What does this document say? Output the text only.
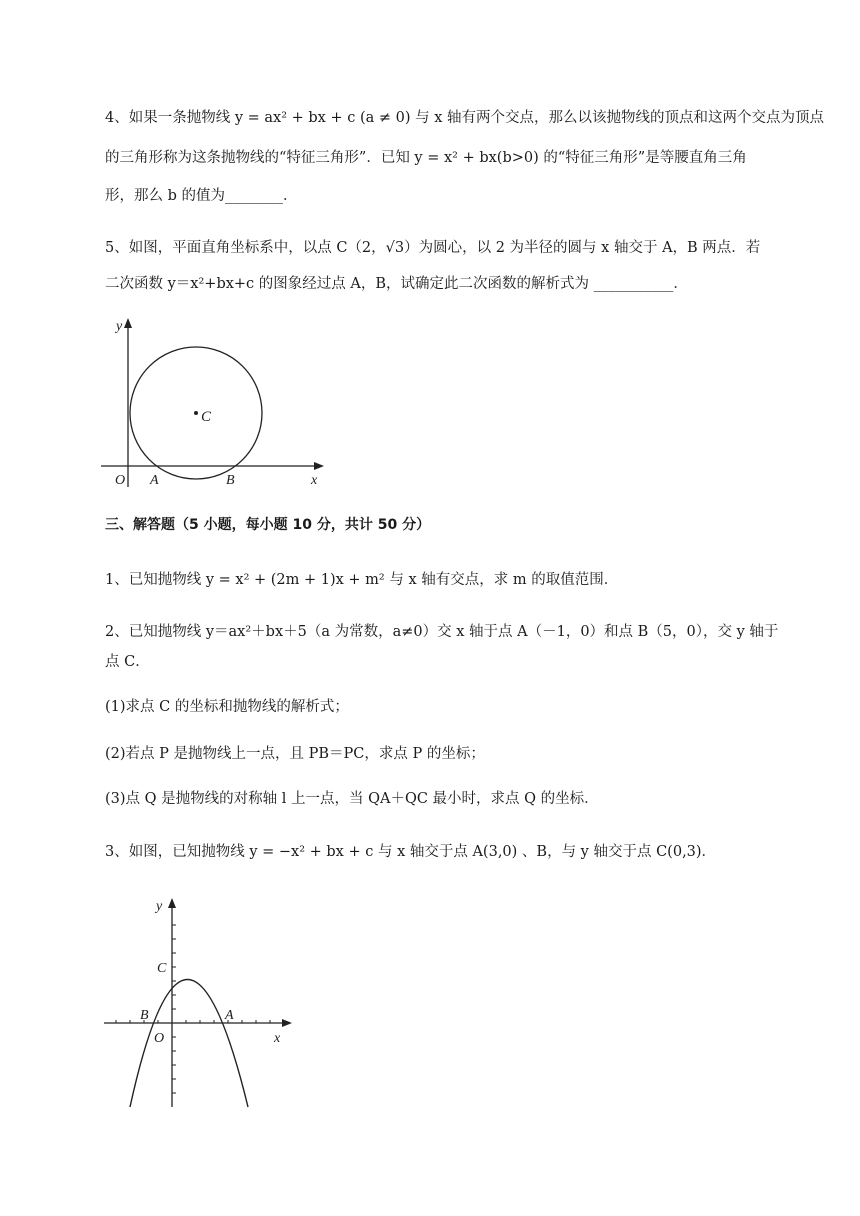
4、如果一条抛物线 y = ax² + bx + c (a ≠ 0) 与 x 轴有两个交点，那么以该抛物线的顶点和这两个交点为顶点
的三角形称为这条抛物线的“特征三角形”．已知 y = x² + bx(b>0) 的“特征三角形”是等腰直角三角
形，那么 b 的值为________．
5、如图，平面直角坐标系中，以点 C（2，√3）为圆心，以 2 为半径的圆与 x 轴交于 A，B 两点．若
二次函数 y＝x²+bx+c 的图象经过点 A，B，试确定此二次函数的解析式为 ___________．
y
x
O A	B
C
三、解答题（5 小题，每小题 10 分，共计 50 分）
1、已知抛物线 y = x² + (2m + 1)x + m² 与 x 轴有交点，求 m 的取值范围．
2、已知抛物线 y＝ax²＋bx＋5（a 为常数，a≠0）交 x 轴于点 A（－1，0）和点 B（5，0），交 y 轴于
点 C．
(1)求点 C 的坐标和抛物线的解析式；
(2)若点 P 是抛物线上一点，且 PB＝PC，求点 P 的坐标；
(3)点 Q 是抛物线的对称轴 l 上一点，当 QA＋QC 最小时，求点 Q 的坐标．
3、如图，已知抛物线 y = −x² + bx + c 与 x 轴交于点 A(3,0) 、B，与 y 轴交于点 C(0,3)．
y
x
O
A
B
C
